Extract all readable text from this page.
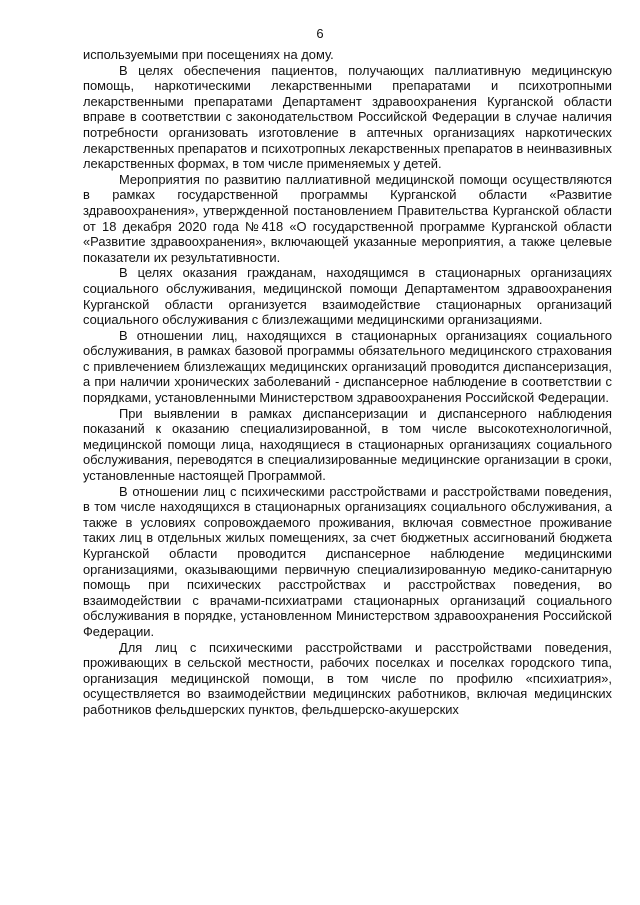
6

используемыми при посещениях на дому.

В целях обеспечения пациентов, получающих паллиативную медицинскую помощь, наркотическими лекарственными препаратами и психотропными лекарственными препаратами Департамент здравоохранения Курганской области вправе в соответствии с законодательством Российской Федерации в случае наличия потребности организовать изготовление в аптечных организациях наркотических лекарственных препаратов и психотропных лекарственных препаратов в неинвазивных лекарственных формах, в том числе применяемых у детей.

Мероприятия по развитию паллиативной медицинской помощи осуществляются в рамках государственной программы Курганской области «Развитие здравоохранения», утвержденной постановлением Правительства Курганской области от 18 декабря 2020 года №418 «О государственной программе Курганской области «Развитие здравоохранения», включающей указанные мероприятия, а также целевые показатели их результативности.

В целях оказания гражданам, находящимся в стационарных организациях социального обслуживания, медицинской помощи Департаментом здравоохранения Курганской области организуется взаимодействие стационарных организаций социального обслуживания с близлежащими медицинскими организациями.

В отношении лиц, находящихся в стационарных организациях социального обслуживания, в рамках базовой программы обязательного медицинского страхования с привлечением близлежащих медицинских организаций проводится диспансеризация, а при наличии хронических заболеваний - диспансерное наблюдение в соответствии с порядками, установленными Министерством здравоохранения Российской Федерации.

При выявлении в рамках диспансеризации и диспансерного наблюдения показаний к оказанию специализированной, в том числе высокотехнологичной, медицинской помощи лица, находящиеся в стационарных организациях социального обслуживания, переводятся в специализированные медицинские организации в сроки, установленные настоящей Программой.

В отношении лиц с психическими расстройствами и расстройствами поведения, в том числе находящихся в стационарных организациях социального обслуживания, а также в условиях сопровождаемого проживания, включая совместное проживание таких лиц в отдельных жилых помещениях, за счет бюджетных ассигнований бюджета Курганской области проводится диспансерное наблюдение медицинскими организациями, оказывающими первичную специализированную медико-санитарную помощь при психических расстройствах и расстройствах поведения, во взаимодействии с врачами-психиатрами стационарных организаций социального обслуживания в порядке, установленном Министерством здравоохранения Российской Федерации.

Для лиц с психическими расстройствами и расстройствами поведения, проживающих в сельской местности, рабочих поселках и поселках городского типа, организация медицинской помощи, в том числе по профилю «психиатрия», осуществляется во взаимодействии медицинских работников, включая медицинских работников фельдшерских пунктов, фельдшерско-акушерских
